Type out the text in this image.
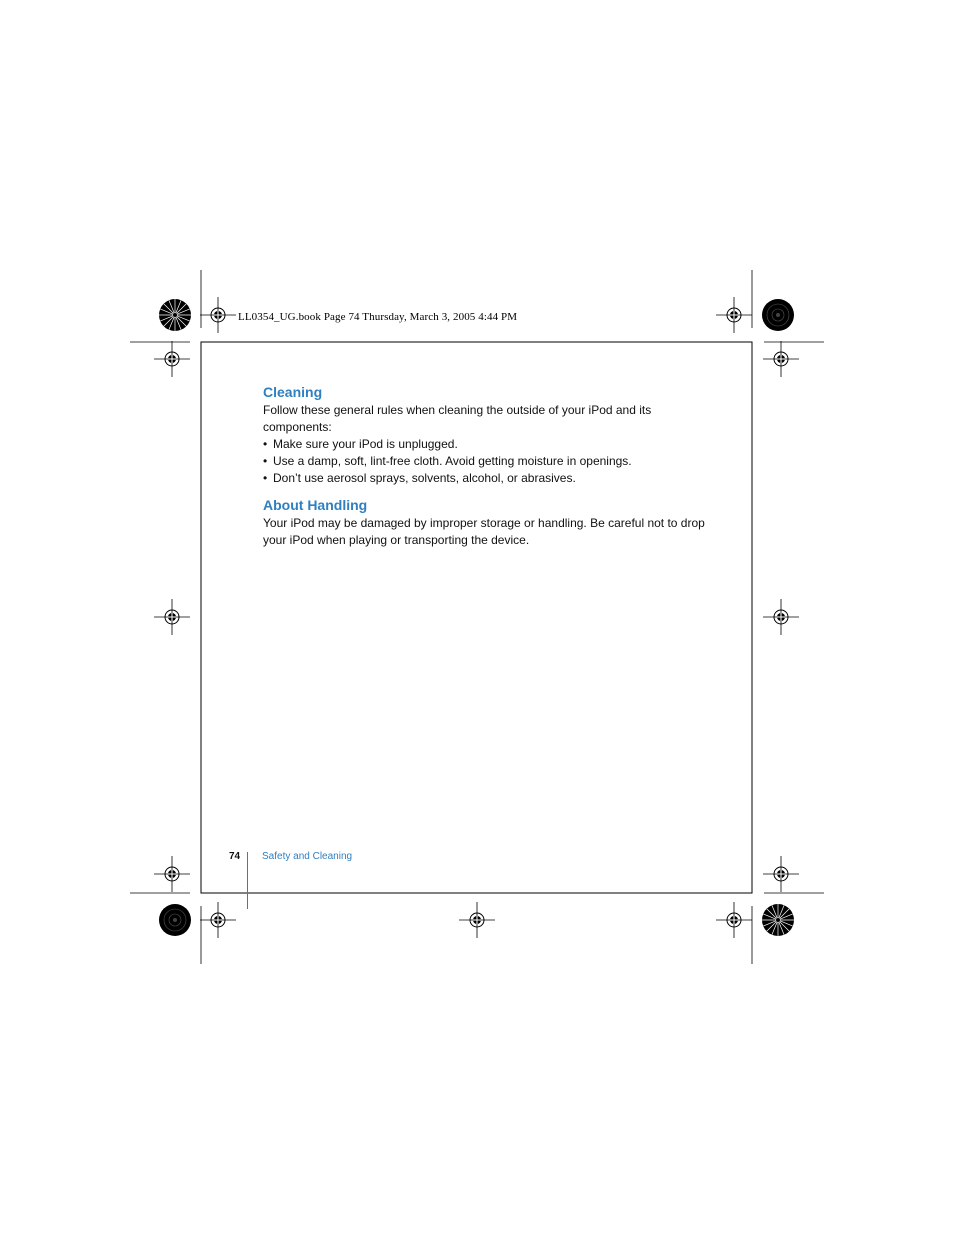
LL0354_UG.book Page 74 Thursday, March 3, 2005 4:44 PM
Cleaning

Follow these general rules when cleaning the outside of your iPod and its components:

• Make sure your iPod is unplugged.
• Use a damp, soft, lint-free cloth. Avoid getting moisture in openings.
• Don’t use aerosol sprays, solvents, alcohol, or abrasives.
About Handling

Your iPod may be damaged by improper storage or handling. Be careful not to drop

your iPod when playing or transporting the device.

74 Safety and Cleaning
